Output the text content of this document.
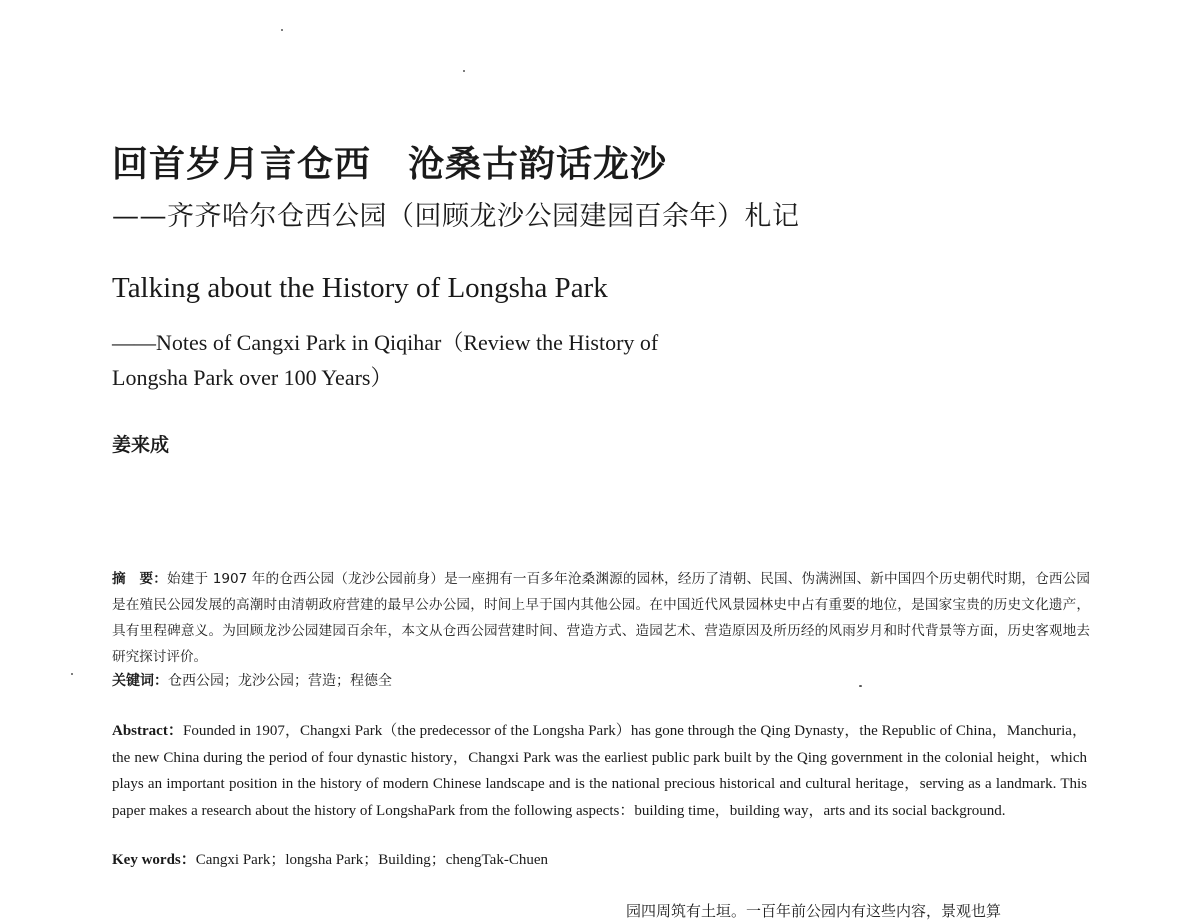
回首岁月言仓西　沧桑古韵话龙沙
——齐齐哈尔仓西公园（回顾龙沙公园建园百余年）札记
Talking about the History of Longsha Park
——Notes of Cangxi Park in Qiqihar（Review the History of Longsha Park over 100 Years）
姜来成
摘　要：始建于 1907 年的仓西公园（龙沙公园前身）是一座拥有一百多年沧桑渊源的园林，经历了清朝、民国、伪满洲国、新中国四个历史朝代时期，仓西公园是在殖民公园发展的高潮时由清朝政府营建的最早公办公园，时间上早于国内其他公园。在中国近代风景园林史中占有重要的地位，是国家宝贵的历史文化遗产，具有里程碑意义。为回顾龙沙公园建园百余年，本文从仓西公园营建时间、营造方式、造园艺术、营造原因及所历经的风雨岁月和时代背景等方面，历史客观地去研究探讨评价。
关键词：仓西公园；龙沙公园；营造；程德全
Abstract：Founded in 1907，Changxi Park（the predecessor of the Longsha Park）has gone through the Qing Dynasty，the Republic of China，Manchuria，the new China during the period of four dynastic history，Changxi Park was the earliest public park built by the Qing government in the colonial height，which plays an important position in the history of modern Chinese landscape and is the national precious historical and cultural heritage，serving as a landmark. This paper makes a research about the history of LongshaPark from the following aspects：building time，building way，arts and its social background.
Key words：Cangxi Park；longsha Park；Building；chengTak-Chuen
园四周筑有土垣。一百年前公园内有这些内容，景观也算
